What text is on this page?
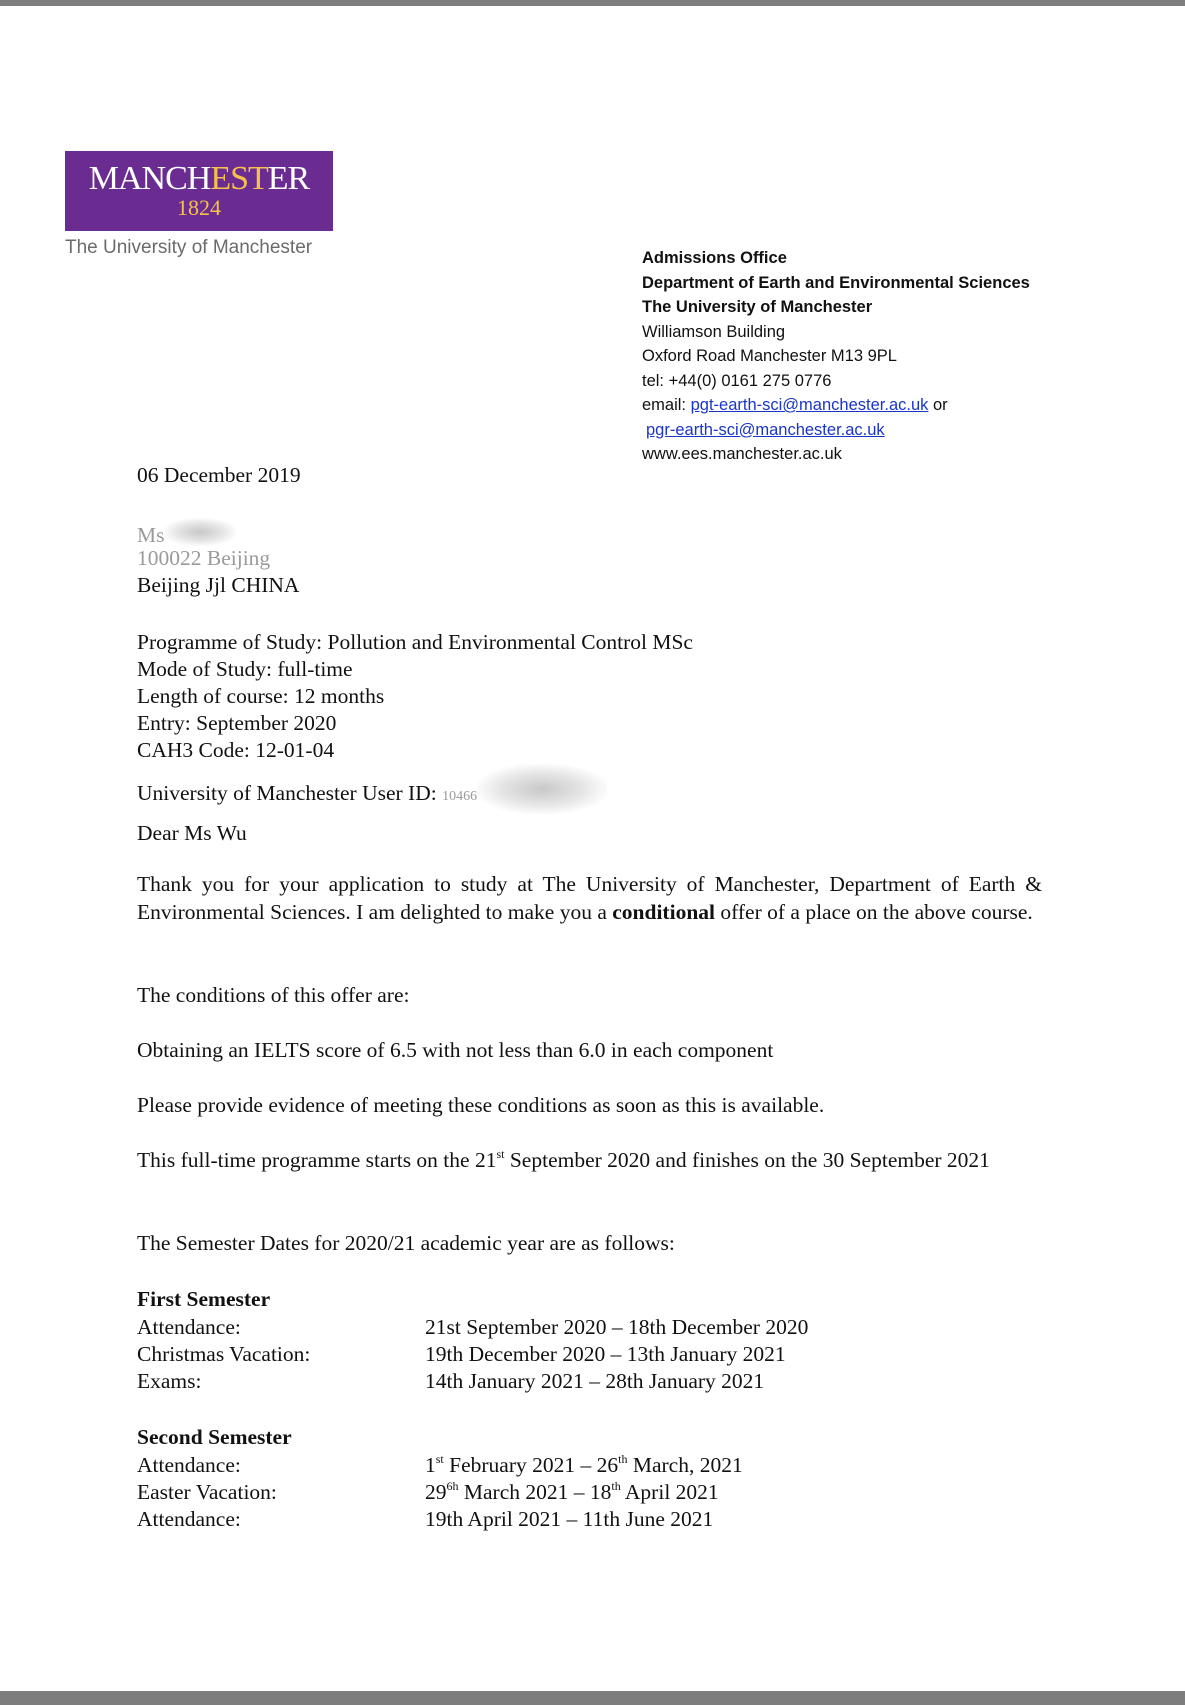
MANCHESTER
1824
The University of Manchester	Admissions Office
Department of Earth and Environmental Sciences
The University of Manchester
Williamson Building
Oxford Road Manchester M13 9PL
tel: +44(0) 0161 275 0776
email: pgt-earth-sci@manchester.ac.uk or
pgr-earth-sci@manchester.ac.uk
www.ees.manchester.ac.uk
06 December 2019
Ms
100022 Beijing
Beijing Jjl CHINA
Programme of Study: Pollution and Environmental Control MSc
Mode of Study: full-time
Length of course: 12 months
Entry: September 2020
CAH3 Code: 12-01-04
University of Manchester User ID: 10466
Dear Ms Wu
Thank you for your application to study at The University of Manchester, Department of Earth & Environmental Sciences. I am delighted to make you a conditional offer of a place on the above course.
The conditions of this offer are:
Obtaining an IELTS score of 6.5 with not less than 6.0 in each component
Please provide evidence of meeting these conditions as soon as this is available.
This full-time programme starts on the 21st September 2020 and finishes on the 30 September 2021
The Semester Dates for 2020/21 academic year are as follows:
First Semester
Attendance:	21st September 2020 – 18th December 2020
Christmas Vacation:	19th December 2020 – 13th January 2021
Exams:	14th January 2021 – 28th January 2021
Second Semester
Attendance:	1st February 2021 – 26th March, 2021
Easter Vacation:	$29^{6h}$ March 2021 – 18th April 2021
Attendance:	19th April 2021 – 11th June 2021
